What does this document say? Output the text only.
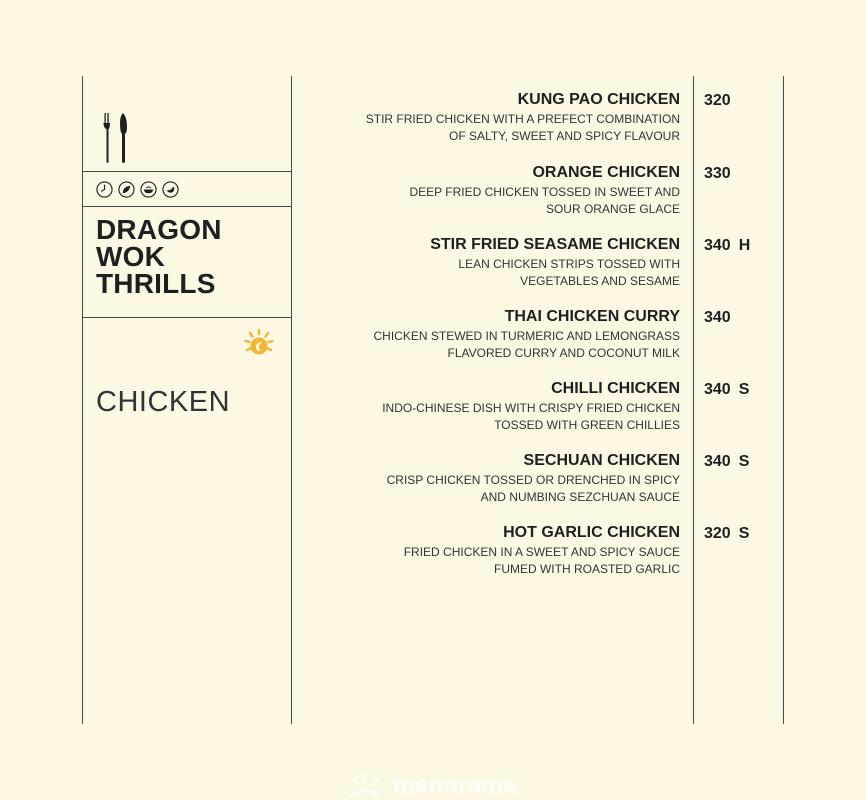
DRAGON
WOK
THRILLS
CHICKEN
KUNG PAO CHICKEN
STIR FRIED CHICKEN WITH A PREFECT COMBINATION
OF SALTY, SWEET AND SPICY FLAVOUR
320
ORANGE CHICKEN
DEEP FRIED CHICKEN TOSSED IN SWEET AND
SOUR ORANGE GLACE
330
STIR FRIED SEASAME CHICKEN
LEAN CHICKEN STRIPS TOSSED WITH
VEGETABLES AND SESAME
340 H
THAI CHICKEN CURRY
CHICKEN STEWED IN TURMERIC AND LEMONGRASS
FLAVORED CURRY AND COCONUT MILK
340
CHILLI CHICKEN
INDO-CHINESE DISH WITH CRISPY FRIED CHICKEN
TOSSED WITH GREEN CHILLIES
340 S
SECHUAN CHICKEN
CRISP CHICKEN TOSSED OR DRENCHED IN SPICY
AND NUMBING SEZCHUAN SAUCE
340 S
HOT GARLIC CHICKEN
FRIED CHICKEN IN A SWEET AND SPICY SAUCE
FUMED WITH ROASTED GARLIC
320 S
manorama
